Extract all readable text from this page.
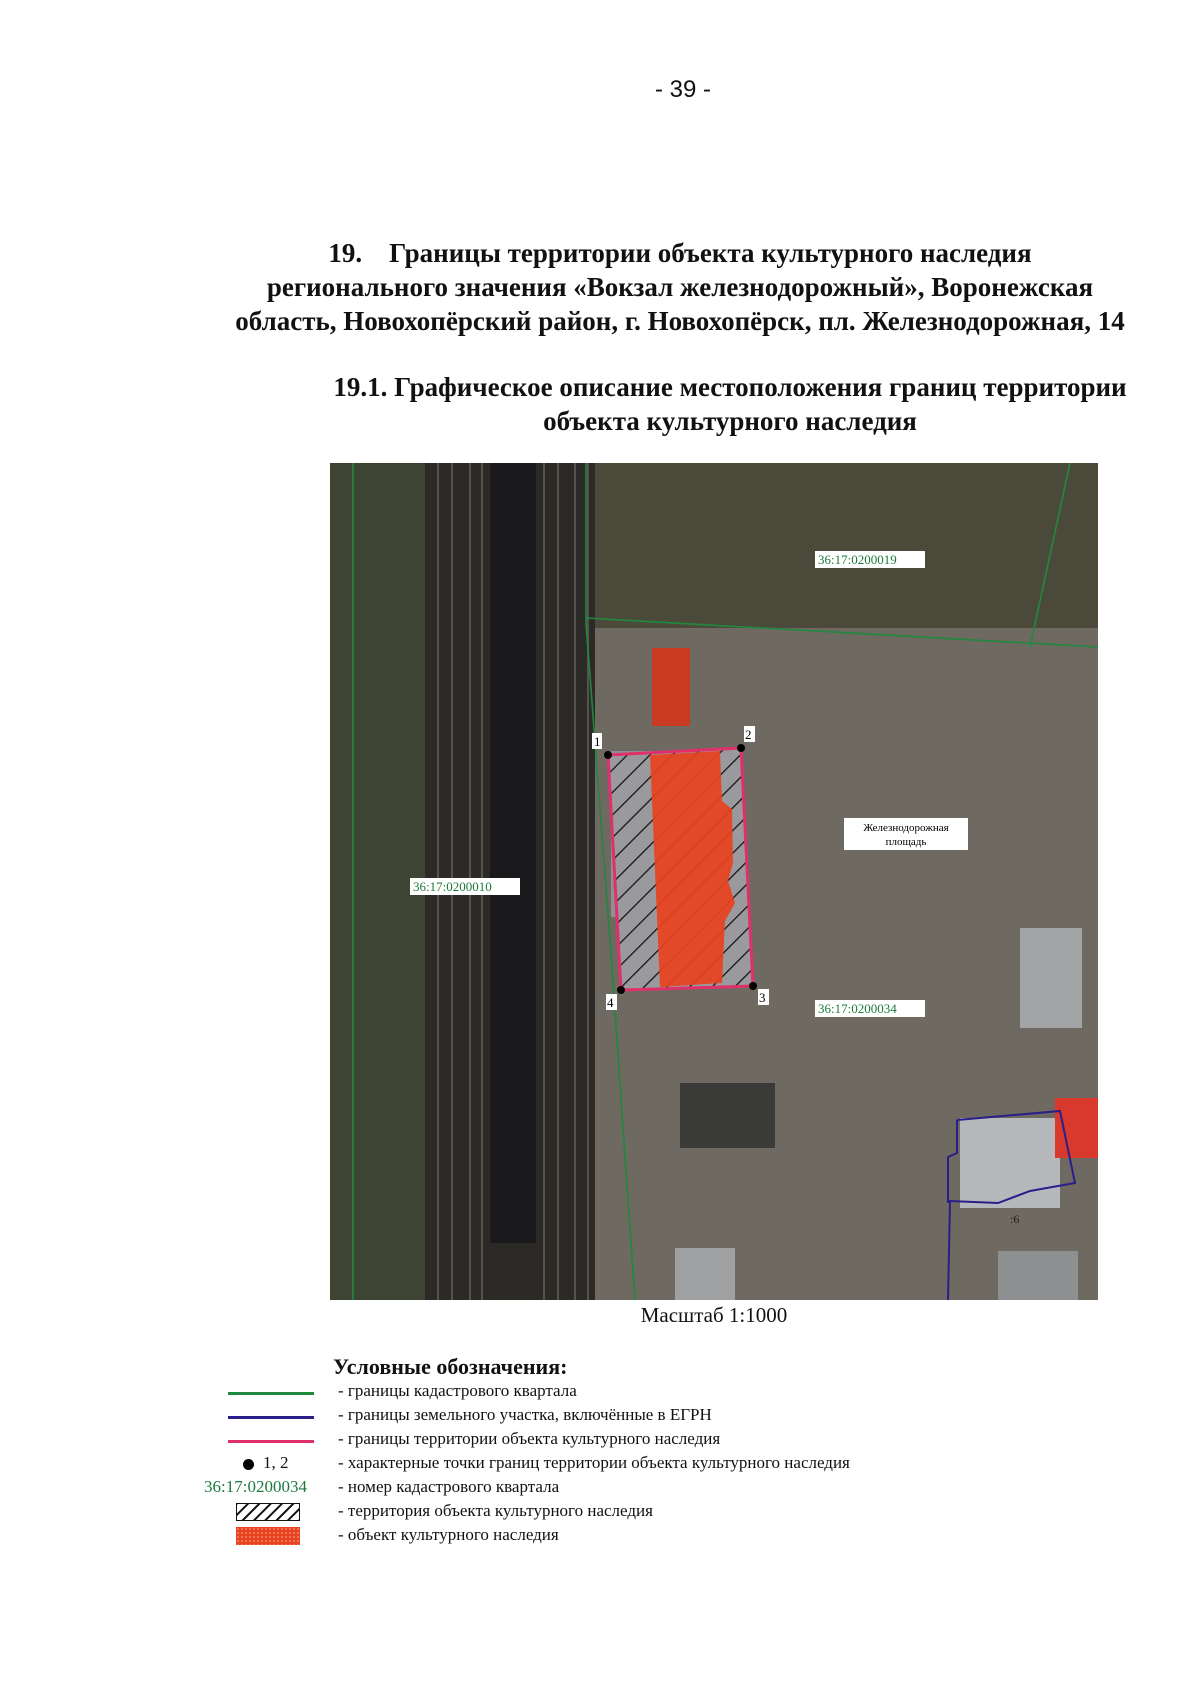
- 39 -
19.    Границы территории объекта культурного наследия
регионального значения «Вокзал железнодорожный», Воронежская
область, Новохопёрский район, г. Новохопёрск, пл. Железнодорожная, 14
19.1. Графическое описание местоположения границ территории
объекта культурного наследия
1	2
3
4
36:17:0200019
36:17:0200010
36:17:0200034
Железнодорожная
площадь
:6
Масштаб 1:1000
Условные обозначения:
- границы кадастрового квартала
- границы земельного участка, включённые в ЕГРН
- границы территории объекта культурного наследия
1, 2	- характерные точки границ территории объекта культурного наследия
36:17:0200034 - номер кадастрового квартала
- территория объекта культурного наследия
- объект культурного наследия
